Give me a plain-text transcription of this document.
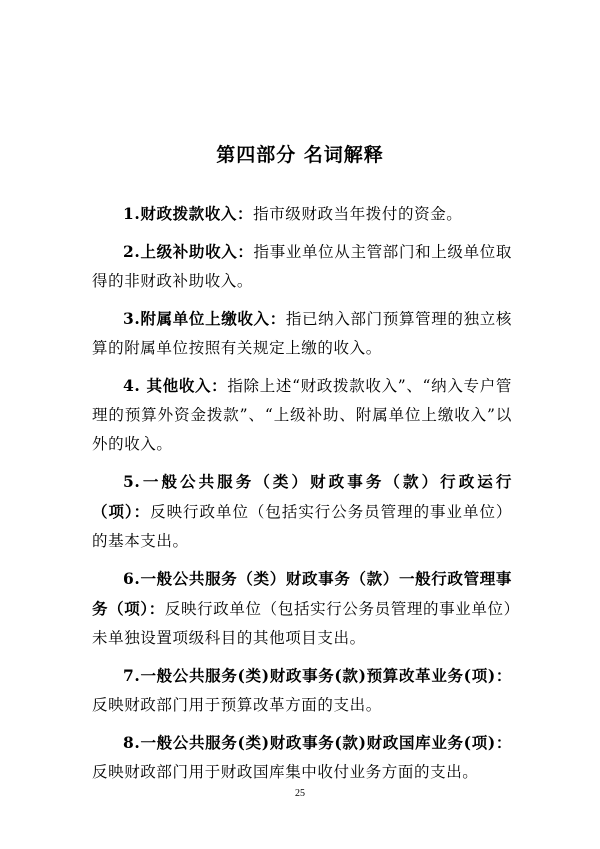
第四部分 名词解释

1.财政拨款收入：指市级财政当年拨付的资金。

2.上级补助收入：指事业单位从主管部门和上级单位取得的非财政补助收入。

3.附属单位上缴收入：指已纳入部门预算管理的独立核算的附属单位按照有关规定上缴的收入。

4. 其他收入：指除上述“财政拨款收入”、“纳入专户管理的预算外资金拨款”、“上级补助、附属单位上缴收入”以外的收入。

5.一般公共服务（类）财政事务（款）行政运行（项）：反映行政单位（包括实行公务员管理的事业单位）的基本支出。

6.一般公共服务（类）财政事务（款）一般行政管理事务（项）：反映行政单位（包括实行公务员管理的事业单位）未单独设置项级科目的其他项目支出。

7.一般公共服务(类)财政事务(款)预算改革业务(项)：反映财政部门用于预算改革方面的支出。

8.一般公共服务(类)财政事务(款)财政国库业务(项)：反映财政部门用于财政国库集中收付业务方面的支出。

25
